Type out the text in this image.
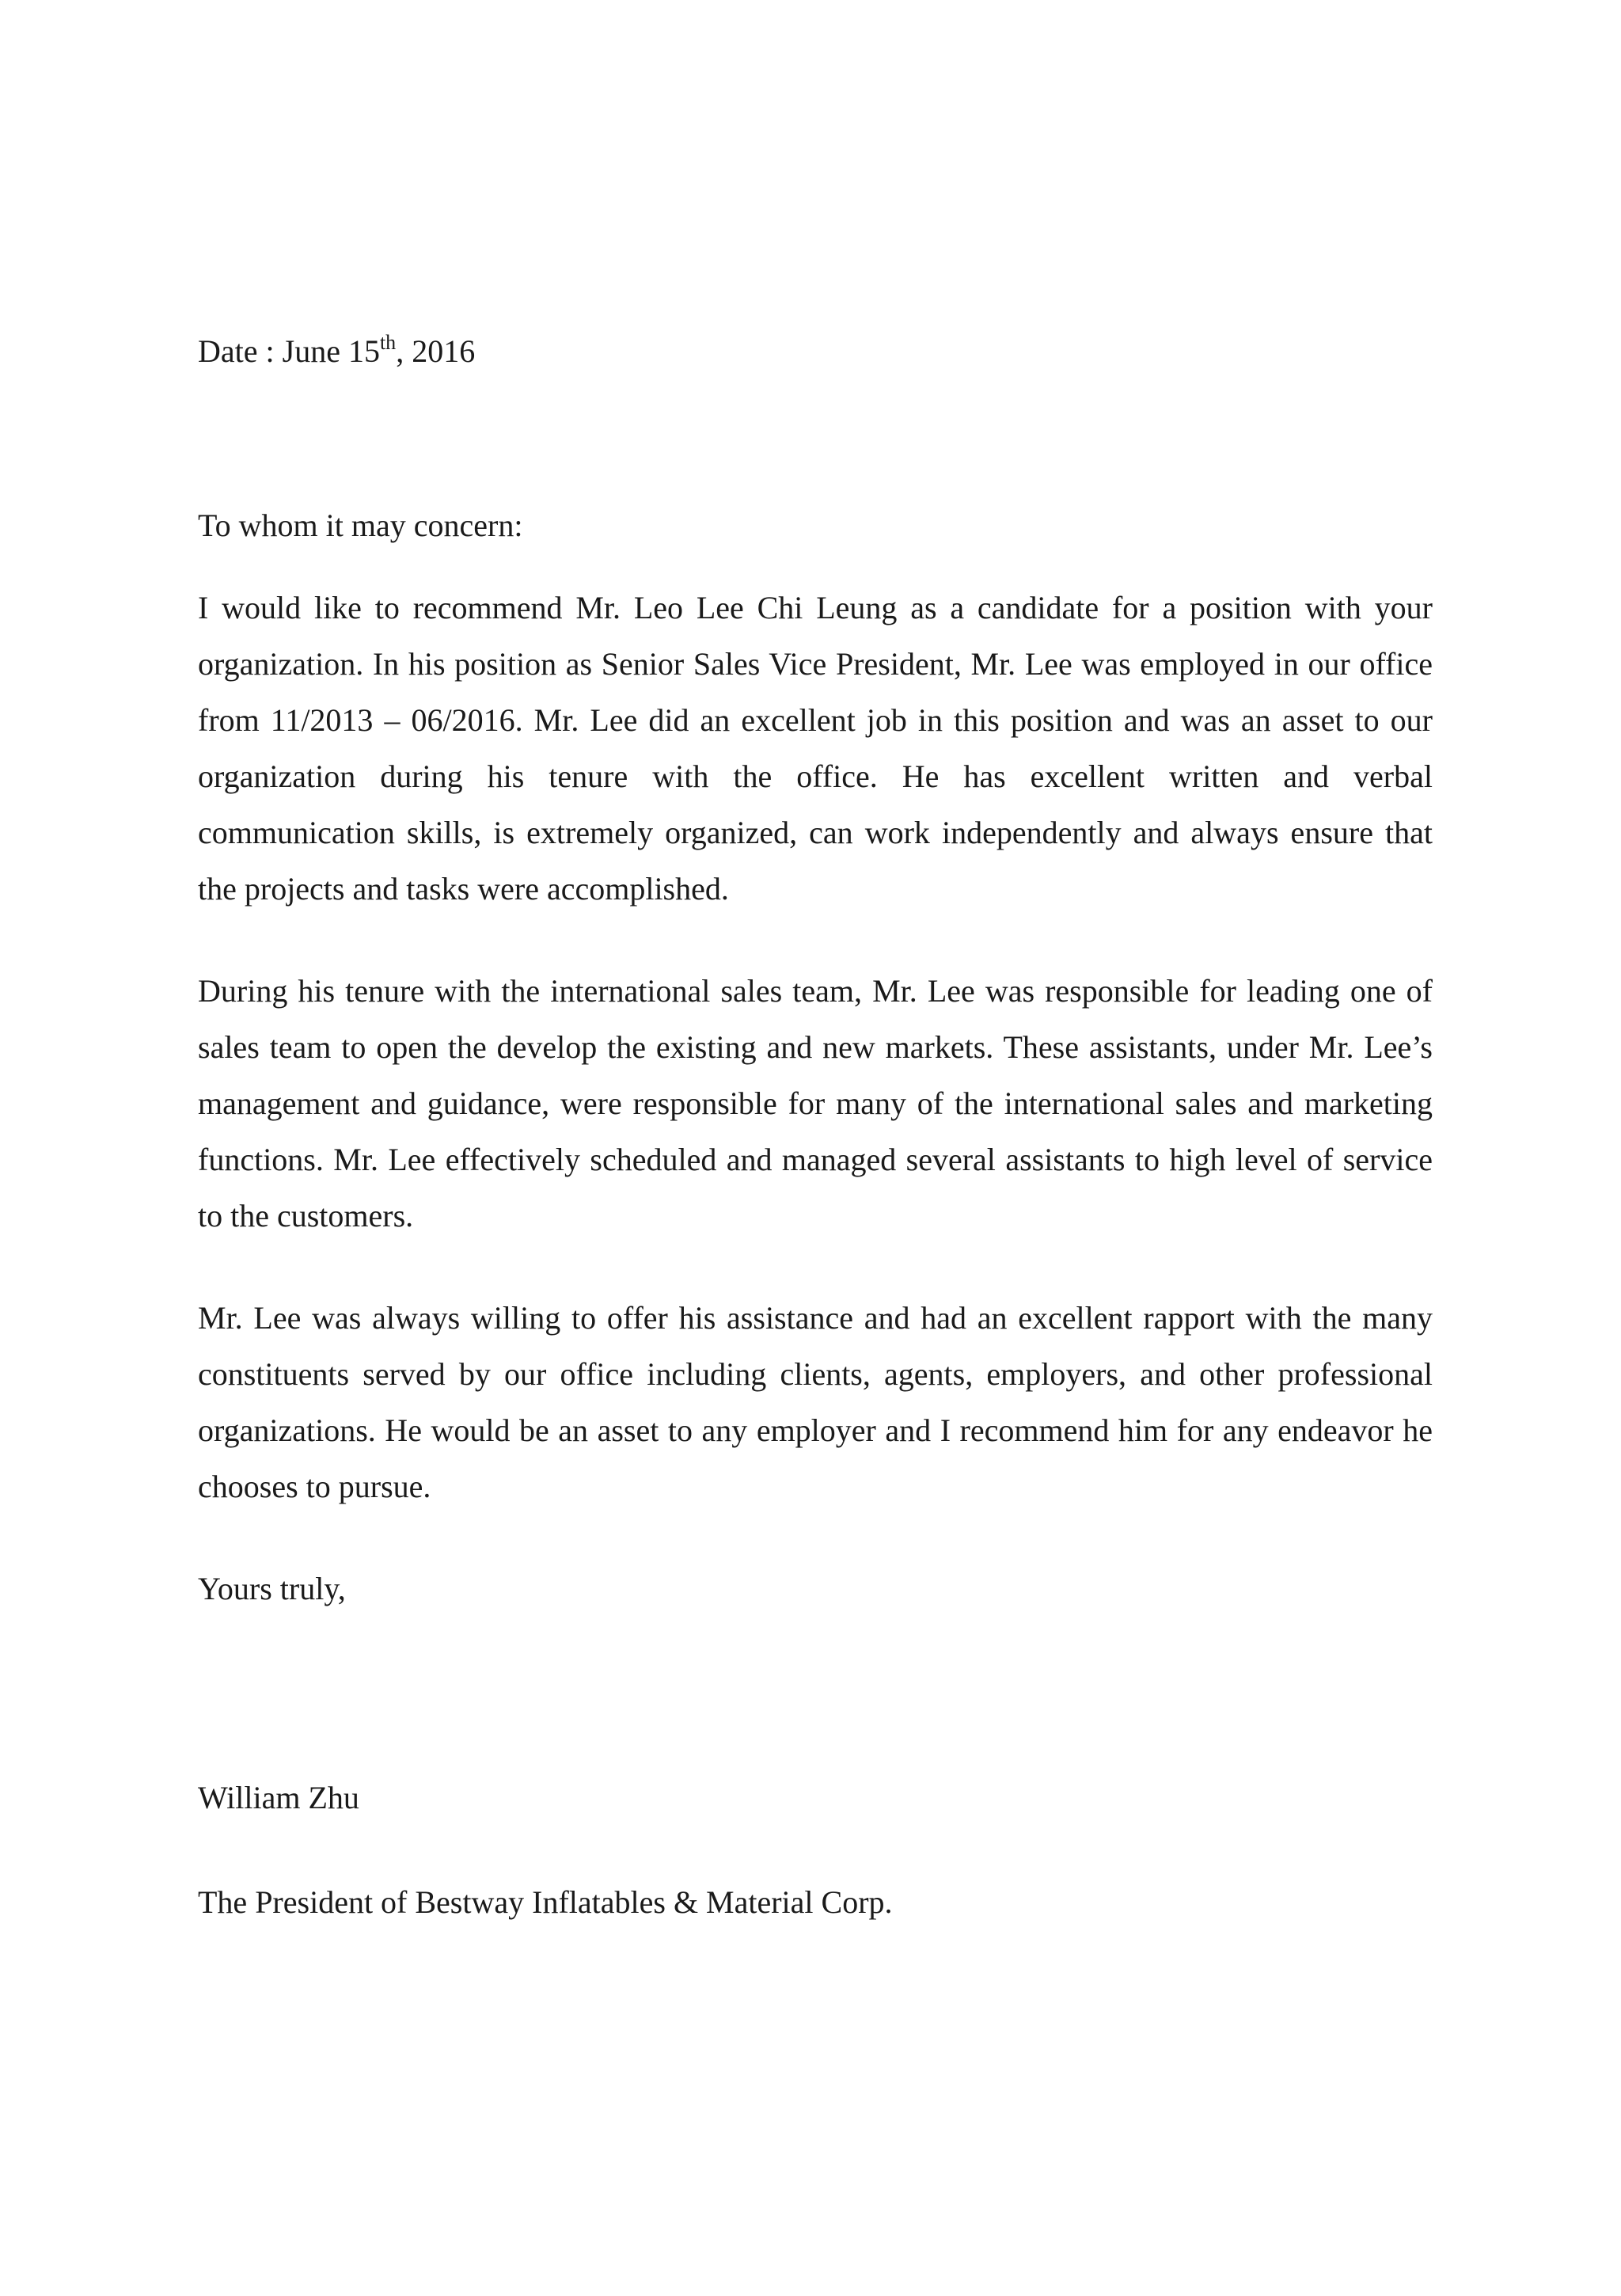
Date : June 15th, 2016

To whom it may concern:

I would like to recommend Mr. Leo Lee Chi Leung as a candidate for a position with your organization. In his position as Senior Sales Vice President, Mr. Lee was employed in our office from 11/2013 – 06/2016. Mr. Lee did an excellent job in this position and was an asset to our organization during his tenure with the office. He has excellent written and verbal communication skills, is extremely organized, can work independently and always ensure that the projects and tasks were accomplished.

During his tenure with the international sales team, Mr. Lee was responsible for leading one of sales team to open the develop the existing and new markets. These assistants, under Mr. Lee’s management and guidance, were responsible for many of the international sales and marketing functions. Mr. Lee effectively scheduled and managed several assistants to high level of service to the customers.

Mr. Lee was always willing to offer his assistance and had an excellent rapport with the many constituents served by our office including clients, agents, employers, and other professional organizations. He would be an asset to any employer and I recommend him for any endeavor he chooses to pursue.

Yours truly,

William Zhu

The President of Bestway Inflatables & Material Corp.
